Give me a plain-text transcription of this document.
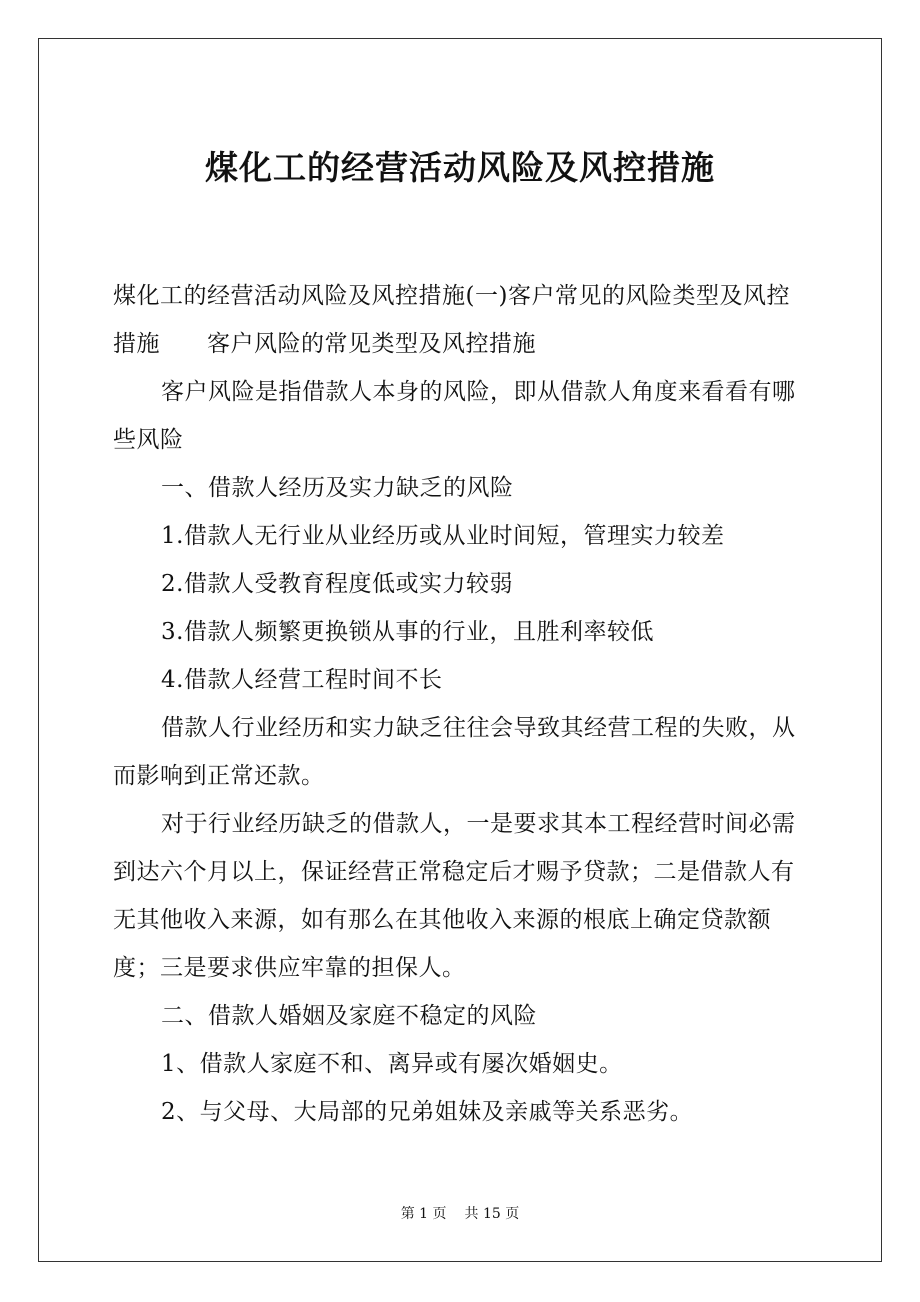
煤化工的经营活动风险及风控措施

煤化工的经营活动风险及风控措施(一)客户常见的风险类型及风控措施　　客户风险的常见类型及风控措施

客户风险是指借款人本身的风险，即从借款人角度来看看有哪些风险

一、借款人经历及实力缺乏的风险

1.借款人无行业从业经历或从业时间短，管理实力较差

2.借款人受教育程度低或实力较弱

3.借款人频繁更换锁从事的行业，且胜利率较低

4.借款人经营工程时间不长

借款人行业经历和实力缺乏往往会导致其经营工程的失败，从而影响到正常还款。

对于行业经历缺乏的借款人，一是要求其本工程经营时间必需到达六个月以上，保证经营正常稳定后才赐予贷款；二是借款人有无其他收入来源，如有那么在其他收入来源的根底上确定贷款额度；三是要求供应牢靠的担保人。

二、借款人婚姻及家庭不稳定的风险

1、借款人家庭不和、离异或有屡次婚姻史。

2、与父母、大局部的兄弟姐妹及亲戚等关系恶劣。

第 1 页 共 15 页
